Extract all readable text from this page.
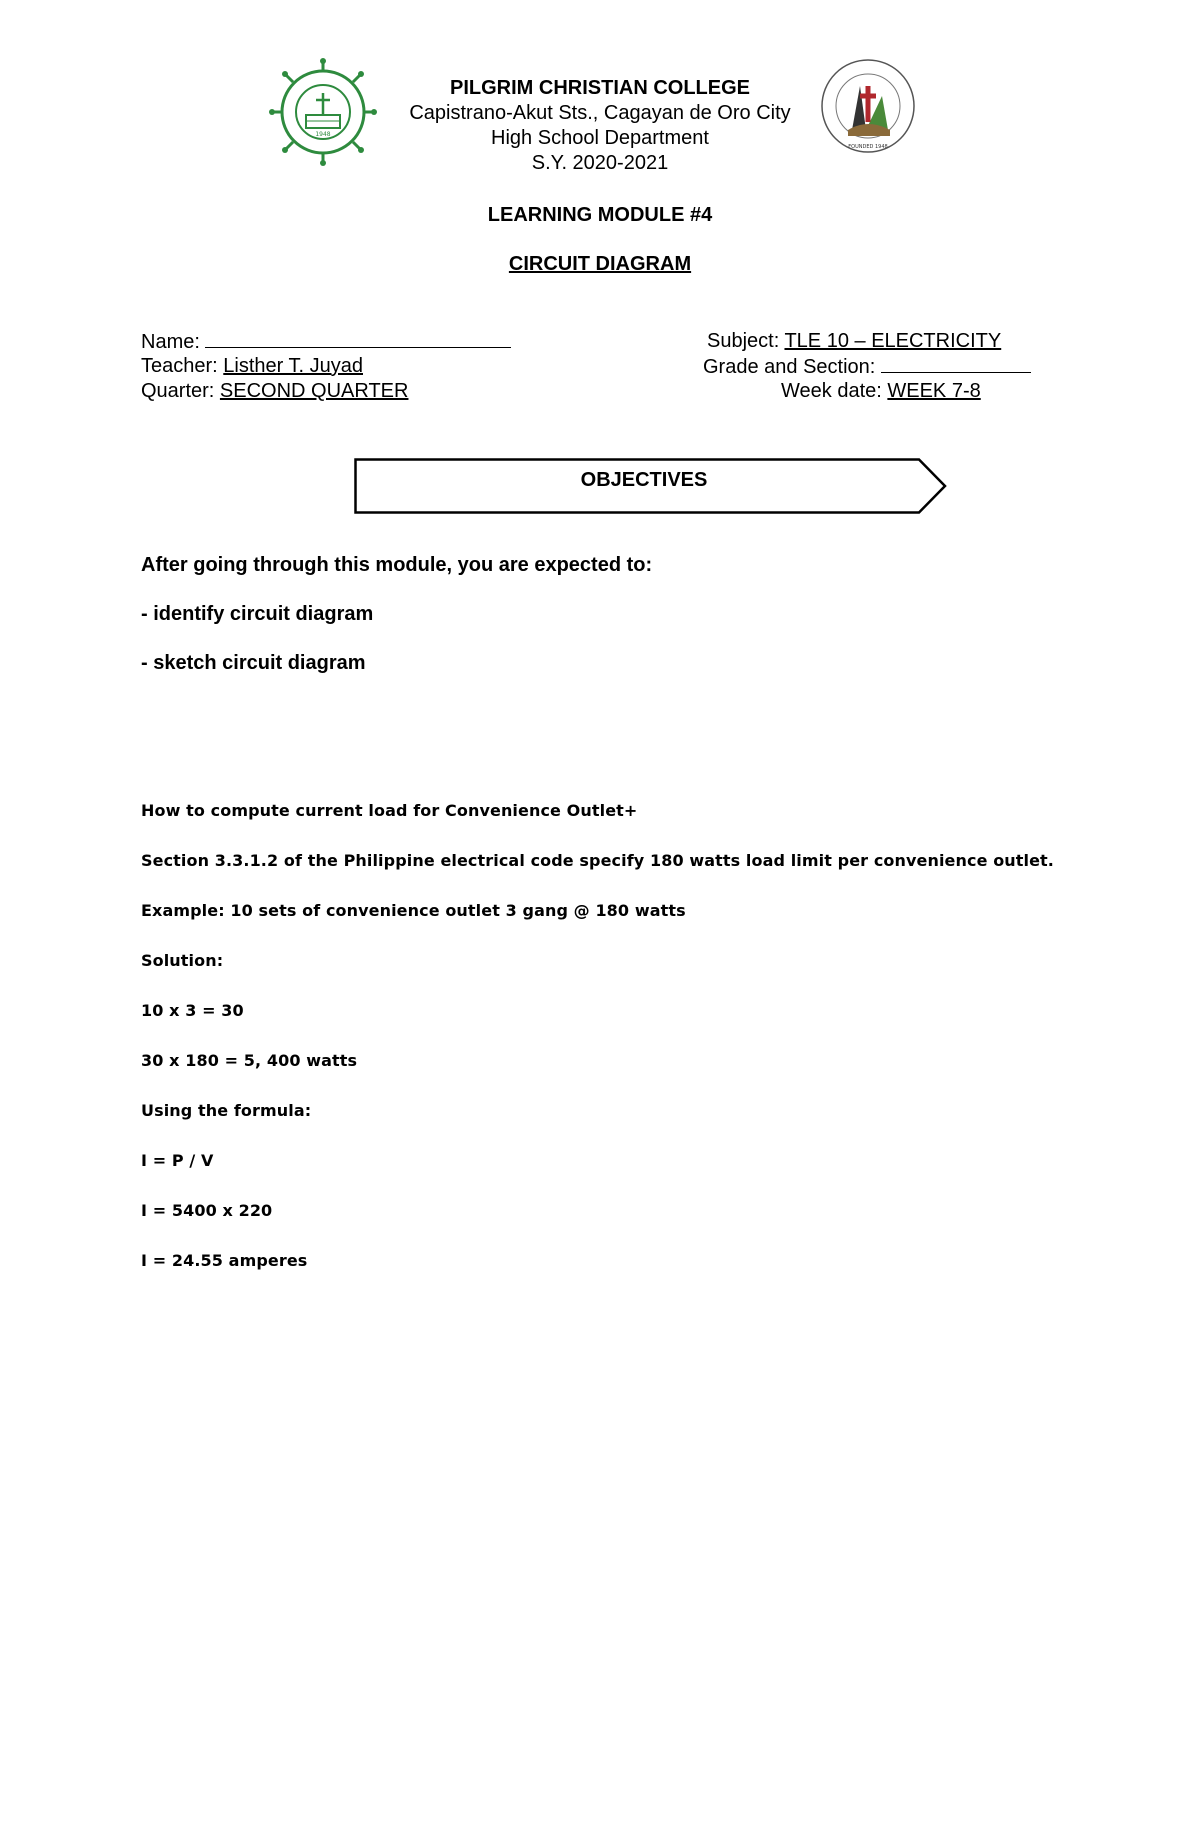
1948
PILGRIM CHRISTIAN COLLEGE
Capistrano-Akut Sts., Cagayan de Oro City
High School Department
S.Y. 2020-2021
FOUNDED 1948
LEARNING MODULE #4
CIRCUIT DIAGRAM
Name:
Teacher: Listher T. Juyad
Quarter: SECOND QUARTER
Subject: TLE 10 – ELECTRICITY
Grade and Section:
Week date: WEEK 7-8
OBJECTIVES
After going through this module, you are expected to:
- identify circuit diagram
- sketch circuit diagram
How to compute current load for Convenience Outlet+
Section 3.3.1.2 of the Philippine electrical code specify 180 watts load limit per convenience outlet.
Example: 10 sets of convenience outlet 3 gang @ 180 watts
Solution:
10 x 3 = 30
30 x 180 = 5, 400 watts
Using the formula:
I = P / V
I = 5400 x 220
I = 24.55 amperes
